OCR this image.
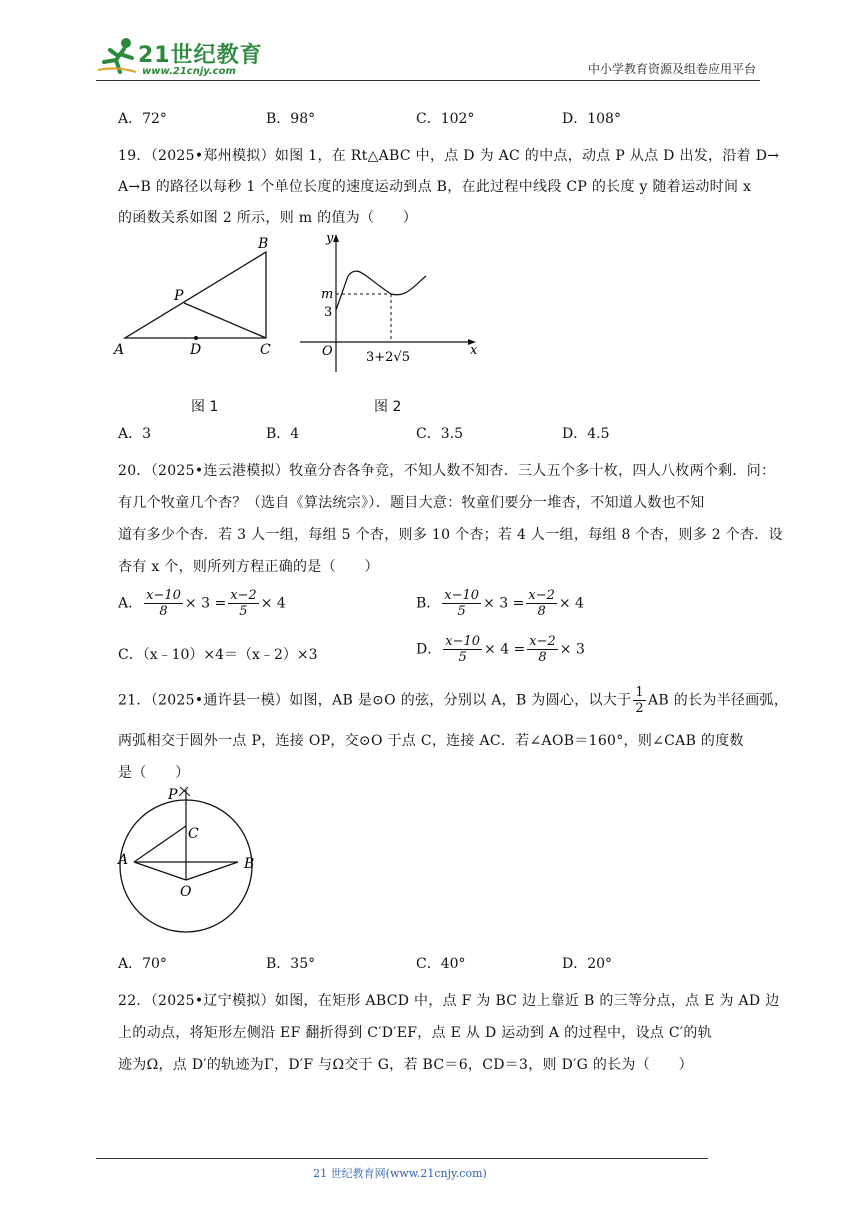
21世纪教育
www.21cnjy.com	中小学教育资源及组卷应用平台
A．72°	B．98°	C．102°	D．108°
19．（2025•郑州模拟）如图 1，在 Rt△ABC 中，点 D 为 AC 的中点，动点 P 从点 D 出发，沿着 D→
A→B 的路径以每秒 1 个单位长度的速度运动到点 B，在此过程中线段 CP 的长度 y 随着运动时间 x
的函数关系如图 2 所示，则 m 的值为（　　）
A	D	C
B
P
y
x
O
m
3
3+2√5
图 1	图 2
A．3	B．4	C．3.5	D．4.5
20．（2025•连云港模拟）牧童分杏各争竞，不知人数不知杏．三人五个多十枚，四人八枚两个剩．问：
有几个牧童几个杏？（选自《算法统宗》）．题目大意：牧童们要分一堆杏，不知道人数也不知
道有多少个杏．若 3 人一组，每组 5 个杏，则多 10 个杏；若 4 人一组，每组 8 个杏，则多 2 个杏．设
杏有 x 个，则所列方程正确的是（　　）
A． $\frac{x-10}{8} \times 3 = \frac{x-2}{5} \times 4$	B． $\frac{x-10}{5} \times 3 = \frac{x-2}{8} \times 4$
C．（x﹣10）×4＝（x﹣2）×3	D． $\frac{x-10}{5} \times 4 = \frac{x-2}{8} \times 3$
21．（2025•通许县一模）如图，AB 是⊙O 的弦，分别以 A，B 为圆心，以大于 $\frac{1}{2}$ AB 的长为半径画弧，
两弧相交于圆外一点 P，连接 OP，交⊙O 于点 C，连接 AC．若∠AOB＝160°，则∠CAB 的度数
是（　　）
P
C
A	B
O
A．70°	B．35°	C．40°	D．20°
22．（2025•辽宁模拟）如图，在矩形 ABCD 中，点 F 为 BC 边上靠近 B 的三等分点，点 E 为 AD 边
上的动点，将矩形左侧沿 EF 翻折得到 C′D′EF，点 E 从 D 运动到 A 的过程中，设点 C′的轨
迹为Ω，点 D′的轨迹为Γ，D′F 与Ω交于 G，若 BC＝6，CD＝3，则 D′G 的长为（　　）
21 世纪教育网(www.21cnjy.com)
